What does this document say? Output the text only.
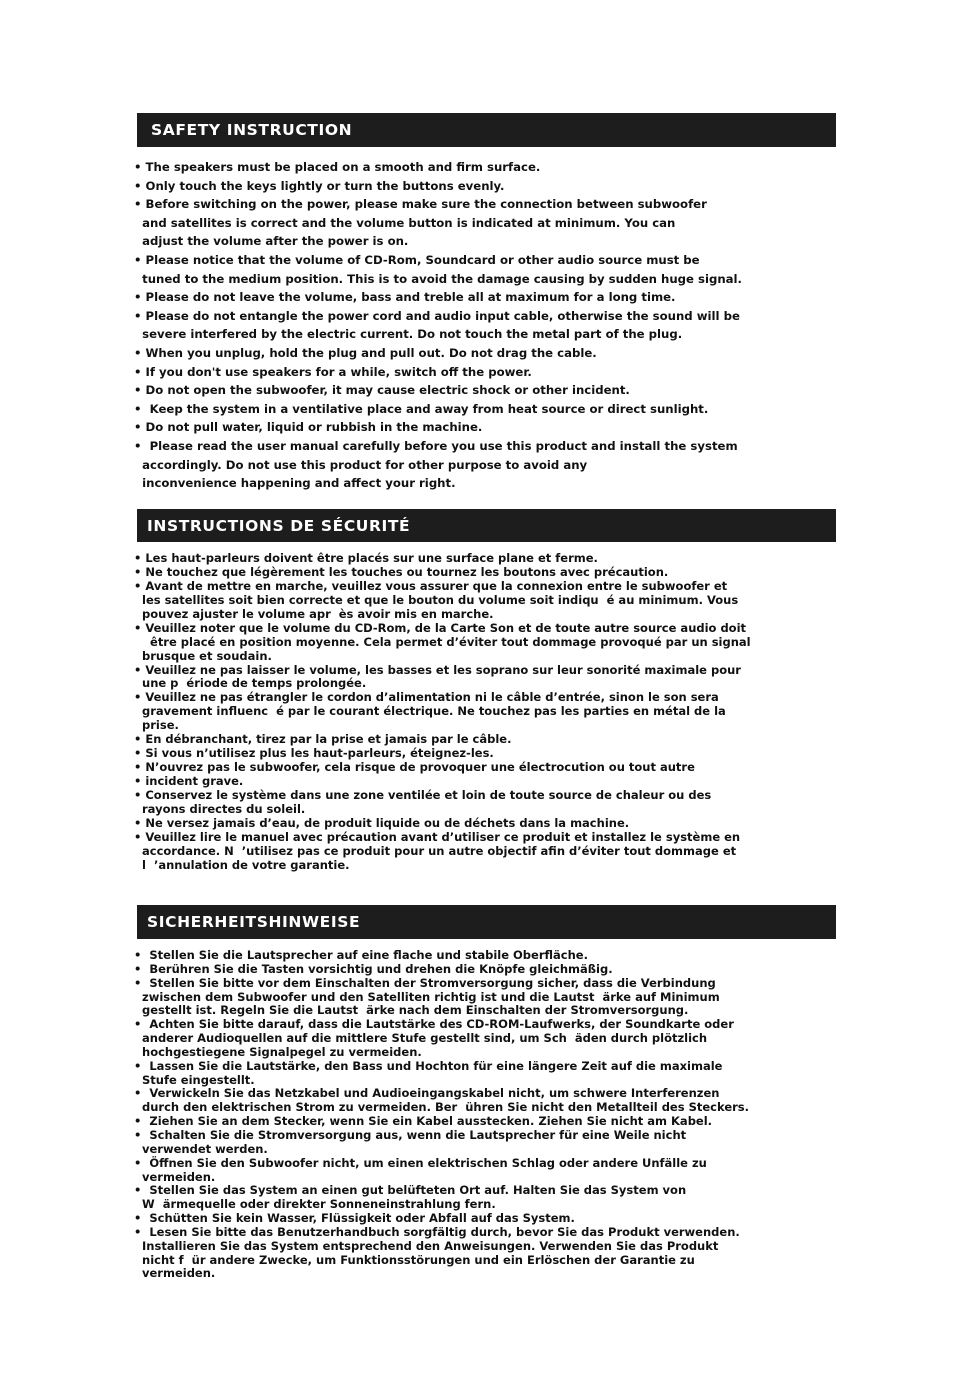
SAFETY INSTRUCTION
• The speakers must be placed on a smooth and firm surface.
• Only touch the keys lightly or turn the buttons evenly.
• Before switching on the power, please make sure the connection between subwoofer
and satellites is correct and the volume button is indicated at minimum. You can
adjust the volume after the power is on.
• Please notice that the volume of CD-Rom, Soundcard or other audio source must be
tuned to the medium position. This is to avoid the damage causing by sudden huge signal.
• Please do not leave the volume, bass and treble all at maximum for a long time.
• Please do not entangle the power cord and audio input cable, otherwise the sound will be
severe interfered by the electric current. Do not touch the metal part of the plug.
• When you unplug, hold the plug and pull out. Do not drag the cable.
• If you don't use speakers for a while, switch off the power.
• Do not open the subwoofer, it may cause electric shock or other incident.
•  Keep the system in a ventilative place and away from heat source or direct sunlight.
• Do not pull water, liquid or rubbish in the machine.
•  Please read the user manual carefully before you use this product and install the system
accordingly. Do not use this product for other purpose to avoid any
inconvenience happening and affect your right.
INSTRUCTIONS DE SÉCURITÉ
• Les haut-parleurs doivent être placés sur une surface plane et ferme.
• Ne touchez que légèrement les touches ou tournez les boutons avec précaution.
• Avant de mettre en marche, veuillez vous assurer que la connexion entre le subwoofer et
les satellites soit bien correcte et que le bouton du volume soit indiqu  é au minimum. Vous
pouvez ajuster le volume apr  ès avoir mis en marche.
• Veuillez noter que le volume du CD-Rom, de la Carte Son et de toute autre source audio doit
être placé en position moyenne. Cela permet d’éviter tout dommage provoqué par un signal
brusque et soudain.
• Veuillez ne pas laisser le volume, les basses et les soprano sur leur sonorité maximale pour
une p  ériode de temps prolongée.
• Veuillez ne pas étrangler le cordon d’alimentation ni le câble d’entrée, sinon le son sera
gravement influenc  é par le courant électrique. Ne touchez pas les parties en métal de la
prise.
• En débranchant, tirez par la prise et jamais par le câble.
• Si vous n’utilisez plus les haut-parleurs, éteignez-les.
• N’ouvrez pas le subwoofer, cela risque de provoquer une électrocution ou tout autre
• incident grave.
• Conservez le système dans une zone ventilée et loin de toute source de chaleur ou des
rayons directes du soleil.
• Ne versez jamais d’eau, de produit liquide ou de déchets dans la machine.
• Veuillez lire le manuel avec précaution avant d’utiliser ce produit et installez le système en
accordance. N  ’utilisez pas ce produit pour un autre objectif afin d’éviter tout dommage et
l  ’annulation de votre garantie.
SICHERHEITSHINWEISE
•  Stellen Sie die Lautsprecher auf eine flache und stabile Oberfläche.
•  Berühren Sie die Tasten vorsichtig und drehen die Knöpfe gleichmäßig.
•  Stellen Sie bitte vor dem Einschalten der Stromversorgung sicher, dass die Verbindung
zwischen dem Subwoofer und den Satelliten richtig ist und die Lautst  ärke auf Minimum
gestellt ist. Regeln Sie die Lautst  ärke nach dem Einschalten der Stromversorgung.
•  Achten Sie bitte darauf, dass die Lautstärke des CD-ROM-Laufwerks, der Soundkarte oder
anderer Audioquellen auf die mittlere Stufe gestellt sind, um Sch  äden durch plötzlich
hochgestiegene Signalpegel zu vermeiden.
•  Lassen Sie die Lautstärke, den Bass und Hochton für eine längere Zeit auf die maximale
Stufe eingestellt.
•  Verwickeln Sie das Netzkabel und Audioeingangskabel nicht, um schwere Interferenzen
durch den elektrischen Strom zu vermeiden. Ber  ühren Sie nicht den Metallteil des Steckers.
•  Ziehen Sie an dem Stecker, wenn Sie ein Kabel ausstecken. Ziehen Sie nicht am Kabel.
•  Schalten Sie die Stromversorgung aus, wenn die Lautsprecher für eine Weile nicht
verwendet werden.
•  Öffnen Sie den Subwoofer nicht, um einen elektrischen Schlag oder andere Unfälle zu
vermeiden.
•  Stellen Sie das System an einen gut belüfteten Ort auf. Halten Sie das System von
W  ärmequelle oder direkter Sonneneinstrahlung fern.
•  Schütten Sie kein Wasser, Flüssigkeit oder Abfall auf das System.
•  Lesen Sie bitte das Benutzerhandbuch sorgfältig durch, bevor Sie das Produkt verwenden.
Installieren Sie das System entsprechend den Anweisungen. Verwenden Sie das Produkt
nicht f  ür andere Zwecke, um Funktionsstörungen und ein Erlöschen der Garantie zu
vermeiden.
